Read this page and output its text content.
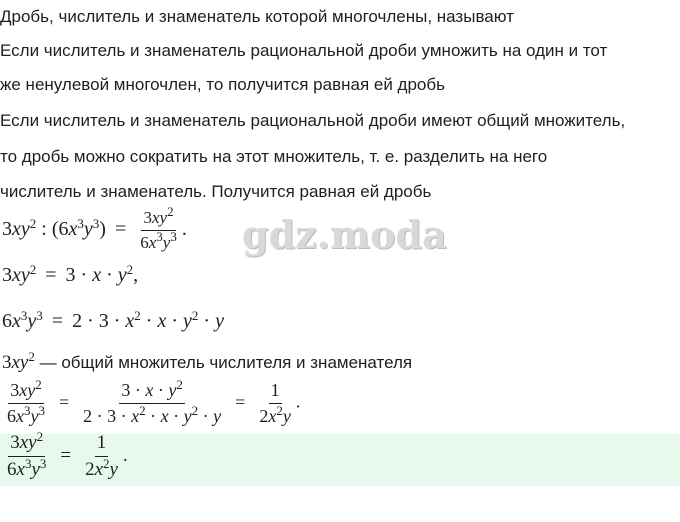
Дробь, числитель и знаменатель которой многочлены, называют
Если числитель и знаменатель рациональной дроби умножить на один и тот
же ненулевой многочлен, то получится равная ей дробь
Если числитель и знаменатель рациональной дроби имеют общий множитель,
то дробь можно сократить на этот множитель, т. е. разделить на него
числитель и знаменатель. Получится равная ей дробь
$3xy^2$ : $(6x^3y^3) = \frac{3xy^2}{6x^3y^3}$ . gdz.moda
$3xy^2 = 3 \cdot x \cdot y^2$,
$6x^3y^3 = 2 \cdot 3 \cdot x^2 \cdot x \cdot y^2 \cdot y$
$3xy^2$ — общий множитель числителя и знаменателя
$\frac{3xy^2}{6x^3y^3} = \frac{3 \cdot x \cdot y^2}{2 \cdot 3 \cdot x^2 \cdot x \cdot y^2 \cdot y} = \frac{1}{2x^2y}$ .
$\frac{3xy^2}{6x^3y^3} = \frac{1}{2x^2y}$ .
